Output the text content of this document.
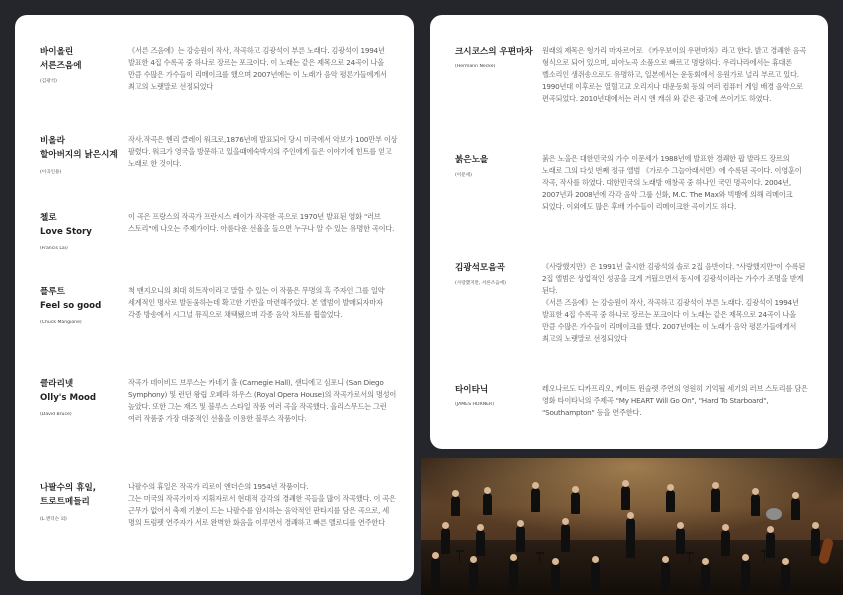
바이올린
서른즈음에
(김광석)
《서른 즈음에》는 강승원이 작사, 작곡하고 김광석이 부른 노래다. 김광석이 1994년 발표한 4집 수록곡 중 하나로 장르는 포크이다. 이 노래는 같은 제목으로 24곡이 나올 만큼 수많은 가수들이 리메이크를 했으며 2007년에는 이 노래가 음악 평론가들에게서 최고의 노랫말로 선정되었다
비올라
할아버지의 낡은시계
(이곡인용)
작사.작곡은 헨리 클레이 워크로,1876년에 발표되어 당시 미국에서 악보가 100만부 이상 팔렸다. 워크가 영국을 방문하고 있을때에숙박지의 주인에게 들은 이야기에 힌트를 얻고 노래로 한 것이다.
첼로
Love Story
(Francis Lai)
이 곡은 프랑스의 작곡가 프란시스 레이가 작곡한 곡으로 1970년 발표된 영화 "러브 스토리"에 나오는 주제가이다. 아름다운 선율을 들으면 누구나 알 수 있는 유명한 곡이다.
플루트
Feel so good
(Chuck Mangione)
척 맨지오니의 최대 히트작이라고 말할 수 있는 이 작품은 무명의 흑 주자인 그를 일약 세계적인 명사로 발돋움하는데 확고한 기반을 마련해주었다. 본 앨범이 발매되자마자 각종 방송에서 시그널 뮤직으로 채택됐으며 각종 음악 차트를 휩쓸었다.
클라리넷
Olly's Mood
(David Bruce)
작곡가 데이비드 브루스는 카네기 홀 (Carnegie Hall), 샌디에고 심포니 (San Diego Symphony) 및 런던 왕립 오페라 하우스 (Royal Opera House)의 작곡가로서의 명성이 높았다. 또한 그는 재즈 및 블루스 스타일 작품 여러 곡을 작곡했다. 올리스무드는 그런 여러 작품중 가장 대중적인 선율을 이용한 블루스 작품이다.
나팔수의 휴일,
트로트메들리
(L.앤더슨 외)
나팔수의 휴일은 작곡가 리로이 앤더슨의 1954년 작품이다.
그는 미국의 작곡가이자 지휘자로서 현대적 감각의 경쾌한 곡들을 많이 작곡했다. 이 곡은 근무가 없어서 축제 기분이 드는 나팔수를 암시하는 음악적인 판타지를 담은 곡으로, 세 명의 트럼펫 연주자가 서로 완벽한 화음을 이루면서 경쾌하고 빠른 멜로디를 연주한다
크시코스의 우편마차
(Hermann Necke)
원래의 제목은 헝가리 마자르어로 《카우보이의 우편마차》라고 한다. 밝고 경쾌한 음곡 형식으로 되어 있으며, 피아노곡 소품으로 빠르고 명랑하다. 우리나라에서는 휴대폰 벨소리인 생쥐송으로도 유명하고, 일본에서는 운동회에서 응원가로 널리 부르고 있다. 1990년대 이후로는 열혈고교 오리지나 대운동회 등의 여러 컴퓨터 게임 배경 음악으로 편곡되었다. 2010년대에서는 러시 앤 캐쉬 와 같은 광고에 쓰이기도 하였다.
붉은노을
(이문세)
붉은 노을은 대한민국의 가수 이문세가 1988년에 발표한 경쾌한 팝 발라드 장르의 노래로 그의 다섯 번째 정규 앨범 《가로수 그늘아래서면》에 수록된 곡이다. 이영훈이 작곡, 작사를 하였다. 대한민국의 노래방 애창곡 중 하나인 국민 명곡이다. 2004년, 2007년과 2008년에 각각 음악 그룹 신화, M.C. The Max와 빅뱅에 의해 리메이크 되었다. 이외에도 많은 후배 가수들이 리메이크한 곡이기도 하다.
김광석모음곡
(사랑했지만, 서른즈음에)
《사랑했지만》은 1991년 출시한 김광석의 솔로 2집 음반이다. "사랑했지만"이 수록된 2집 앨범은 상업적인 성공을 크게 거뒀으면서 동시에 김광석이라는 가수가 조명을 받게 된다.
《서른 즈음에》는 강승원이 작사, 작곡하고 김광석이 부른 노래다. 김광석이 1994년 발표한 4집 수록곡 중 하나로 장르는 포크이다 이 노래는 같은 제목으로 24곡이 나올 만큼 수많은 가수들이 리메이크를 했다. 2007년에는 이 노래가 음악 평론가들에게서 최고의 노랫말로 선정되었다
타이타닉
(JAMES HORNER)
레오나르도 디카프리오, 케이트 윈슬렛 주연의 영원히 기억될 세기의 러브 스토리를 담은 영화 타이타닉의 주제곡 "My HEART Will Go On", "Hard To Starboard", "Southampton" 등을 연주한다.
